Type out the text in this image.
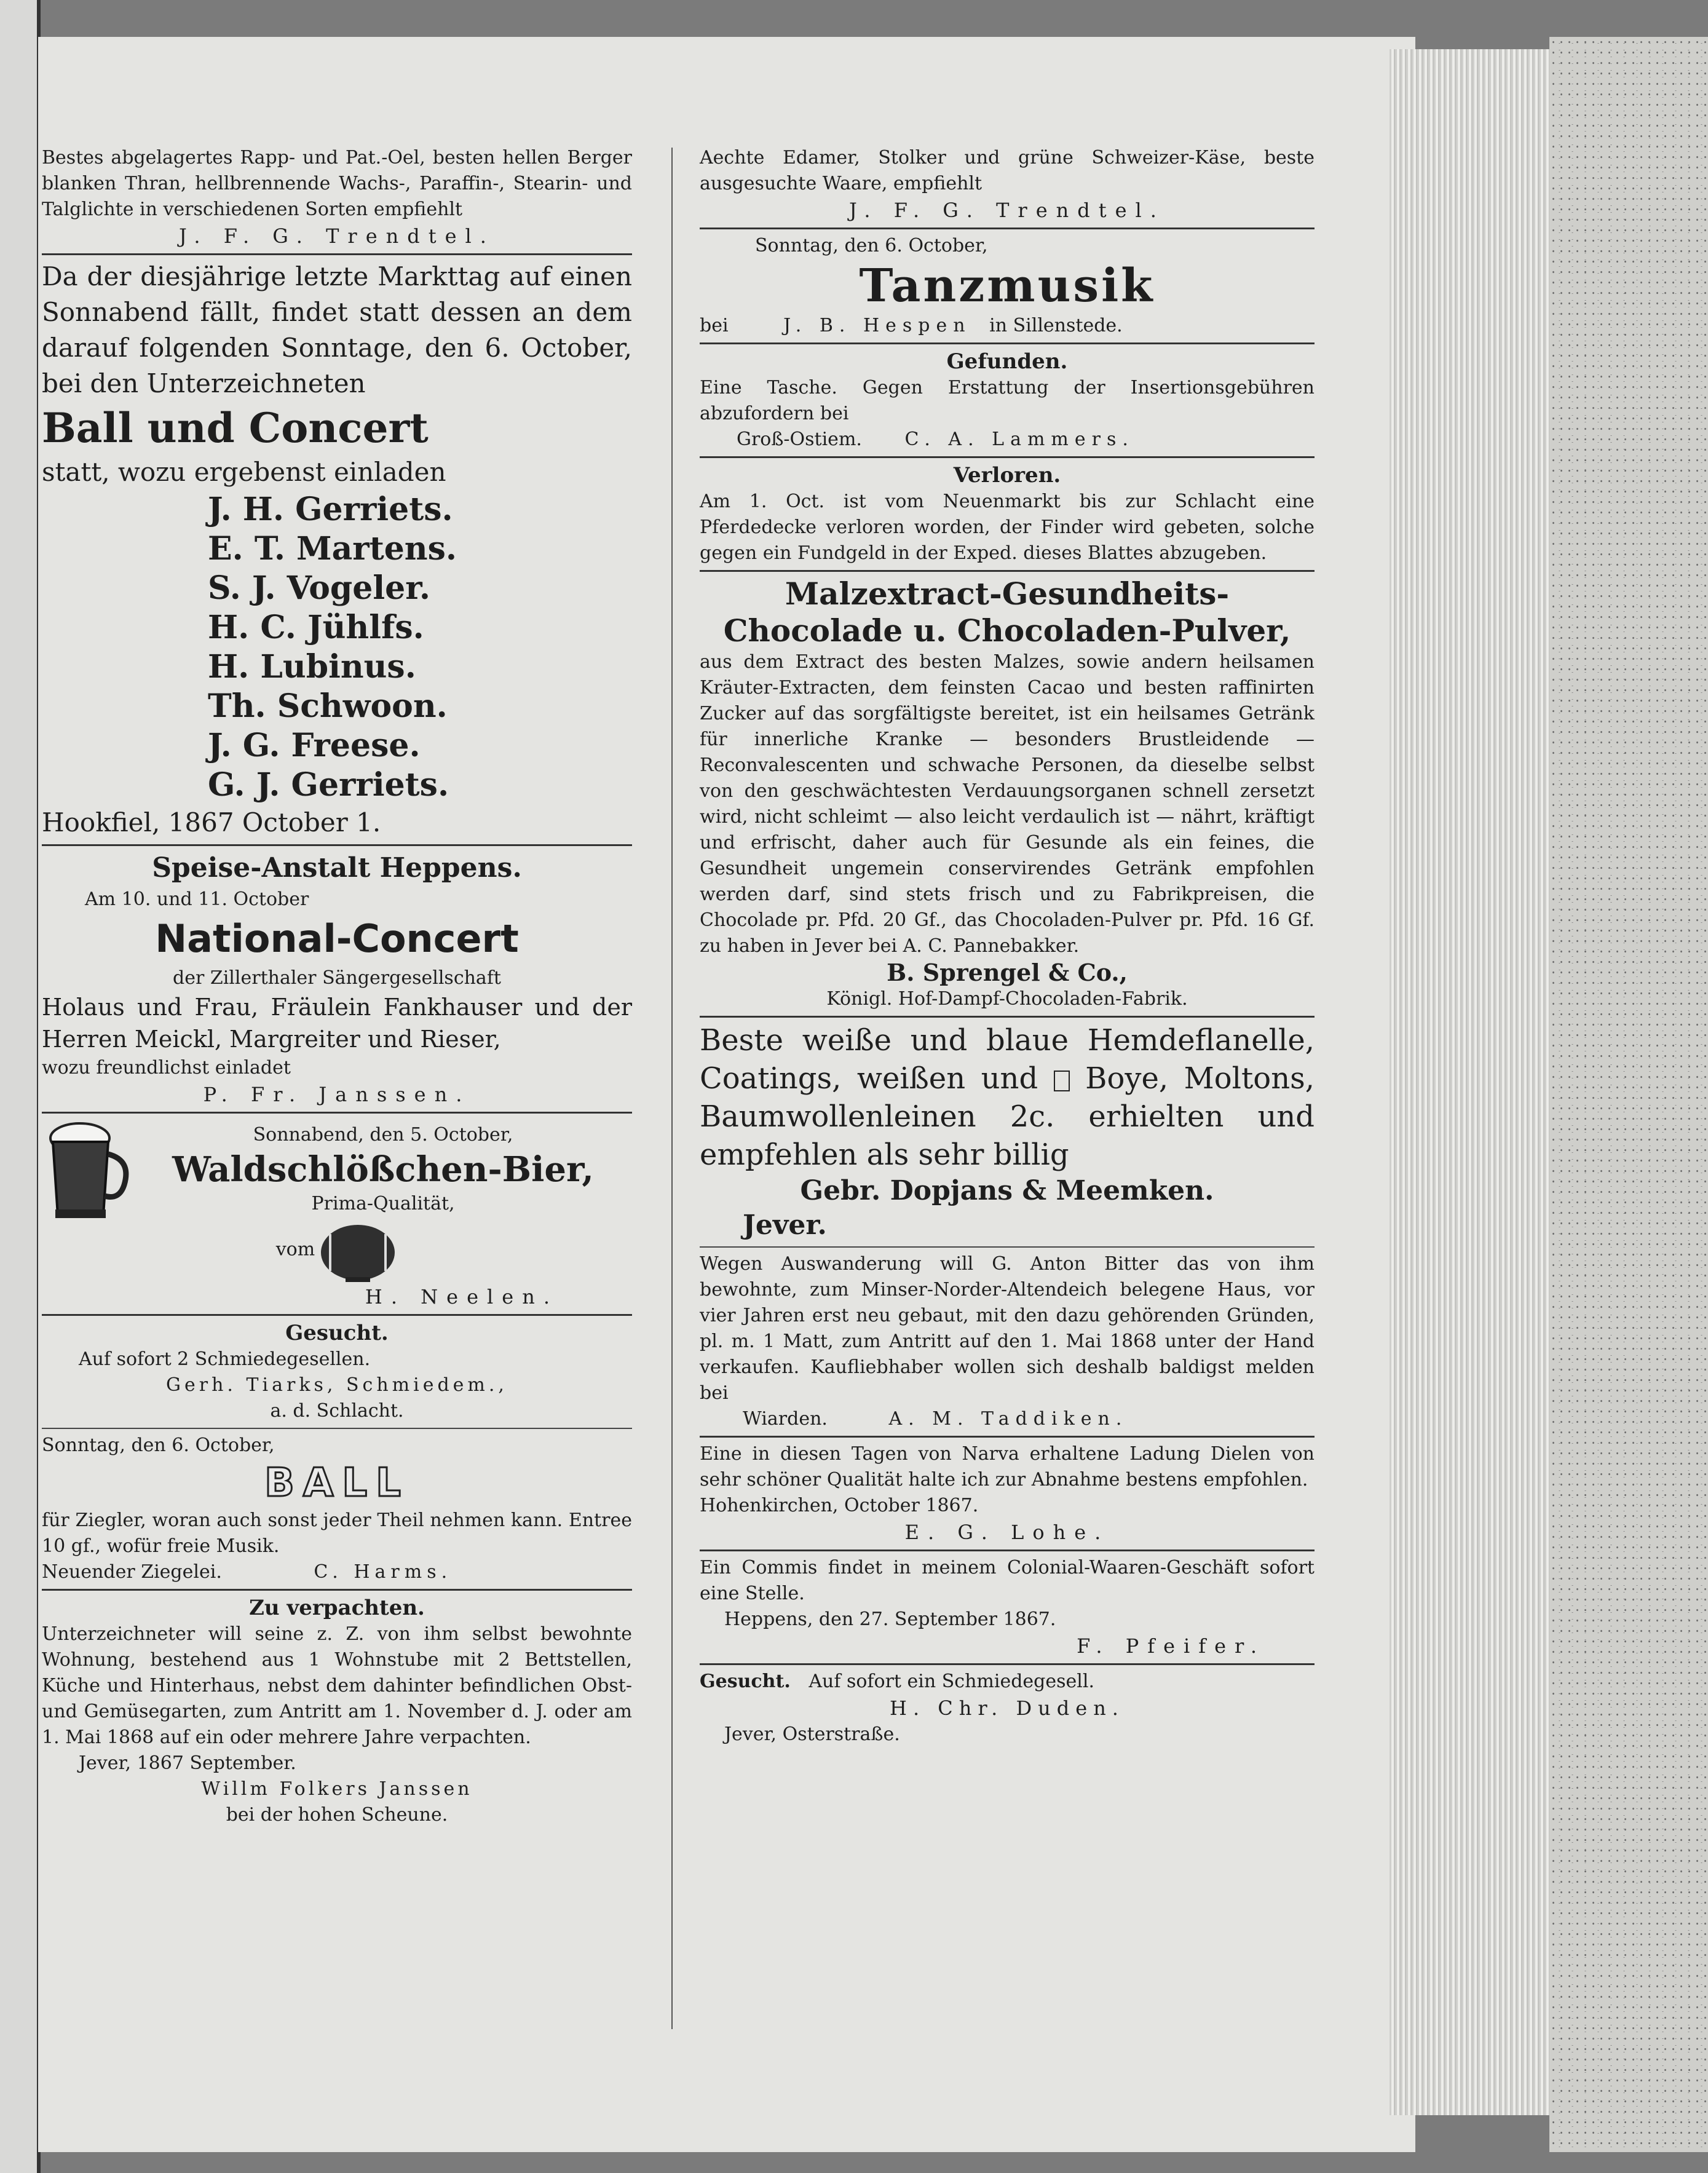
Bestes abgelagertes Rapp- und Pat.-Oel, besten hellen Berger blanken Thran, hellbrennende Wachs-, Paraffin-, Stearin- und Talglichte in verschiedenen Sorten empfiehlt

J. F. G. Trendtel.

Da der diesjährige letzte Markttag auf einen Sonnabend fällt, findet statt dessen an dem darauf folgenden Sonntage, den 6. October, bei den Unterzeichneten

Ball und Concert

statt, wozu ergebenst einladen

J. H. Gerriets.

E. T. Martens.

S. J. Vogeler.

H. C. Jühlfs.

H. Lubinus.

Th. Schwoon.

J. G. Freese.

G. J. Gerriets.

Hookfiel, 1867 October 1.

Speise-Anstalt Heppens.

Am 10. und 11. October

National-Concert

der Zillerthaler Sängergesellschaft

Holaus und Frau, Fräulein Fankhauser und der Herren Meickl, Margreiter und Rieser,

wozu freundlichst einladet

P. Fr. Janssen.

Sonnabend, den 5. October,

Waldschlößchen-Bier,

Prima-Qualität,

vom

H. Neelen.

Gesucht.

Auf sofort 2 Schmiedegesellen.

Gerh. Tiarks, Schmiedem.,

a. d. Schlacht.

Sonntag, den 6. October,

BALL

für Ziegler, woran auch sonst jeder Theil nehmen kann. Entree 10 gf., wofür freie Musik.

Neuender Ziegelei.	C. Harms.

Zu verpachten.

Unterzeichneter will seine z. Z. von ihm selbst bewohnte Wohnung, bestehend aus 1 Wohnstube mit 2 Bettstellen, Küche und Hinterhaus, nebst dem dahinter befindlichen Obst- und Gemüsegarten, zum Antritt am 1. November d. J. oder am 1. Mai 1868 auf ein oder mehrere Jahre verpachten.

Jever, 1867 September.

Willm Folkers Janssen

bei der hohen Scheune.

Aechte Edamer, Stolker und grüne Schweizer-Käse, beste ausgesuchte Waare, empfiehlt

J. F. G. Trendtel.

Sonntag, den 6. October,

Tanzmusik

bei	J. B. Hespen in Sillenstede.

Gefunden.

Eine Tasche. Gegen Erstattung der Insertionsgebühren abzufordern bei

Groß-Ostiem. C. A. Lammers.

Verloren.

Am 1. Oct. ist vom Neuenmarkt bis zur Schlacht eine Pferdedecke verloren worden, der Finder wird gebeten, solche gegen ein Fundgeld in der Exped. dieses Blattes abzugeben.

Malzextract-Gesundheits-Chocolade u. Chocoladen-Pulver,

aus dem Extract des besten Malzes, sowie andern heilsamen Kräuter-Extracten, dem feinsten Cacao und besten raffinirten Zucker auf das sorgfältigste bereitet, ist ein heilsames Getränk für innerliche Kranke — besonders Brustleidende — Reconvalescenten und schwache Personen, da dieselbe selbst von den geschwächtesten Verdauungsorganen schnell zersetzt wird, nicht schleimt — also leicht verdaulich ist — nährt, kräftigt und erfrischt, daher auch für Gesunde als ein feines, die Gesundheit ungemein conservirendes Getränk empfohlen werden darf, sind stets frisch und zu Fabrikpreisen, die Chocolade pr. Pfd. 20 Gf., das Chocoladen-Pulver pr. Pfd. 16 Gf. zu haben in Jever bei A. C. Pannebakker.

B. Sprengel & Co.,

Königl. Hof-Dampf-Chocoladen-Fabrik.

Beste weiße und blaue Hemdeflanelle, Coatings, weißen und Boye, Moltons, Baumwollenleinen 2c. erhielten und empfehlen als sehr billig

Gebr. Dopjans & Meemken.

Jever.

Wegen Auswanderung will G. Anton Bitter das von ihm bewohnte, zum Minser-Norder-Altendeich belegene Haus, vor vier Jahren erst neu gebaut, mit den dazu gehörenden Gründen, pl. m. 1 Matt, zum Antritt auf den 1. Mai 1868 unter der Hand verkaufen. Kaufliebhaber wollen sich deshalb baldigst melden bei

Wiarden.	A. M. Taddiken.

Eine in diesen Tagen von Narva erhaltene Ladung Dielen von sehr schöner Qualität halte ich zur Abnahme bestens empfohlen.

Hohenkirchen, October 1867.

E. G. Lohe.

Ein Commis findet in meinem Colonial-Waaren-Geschäft sofort eine Stelle.

Heppens, den 27. September 1867.

F. Pfeifer.

Gesucht. Auf sofort ein Schmiedegesell.

H. Chr. Duden.

Jever, Osterstraße.
